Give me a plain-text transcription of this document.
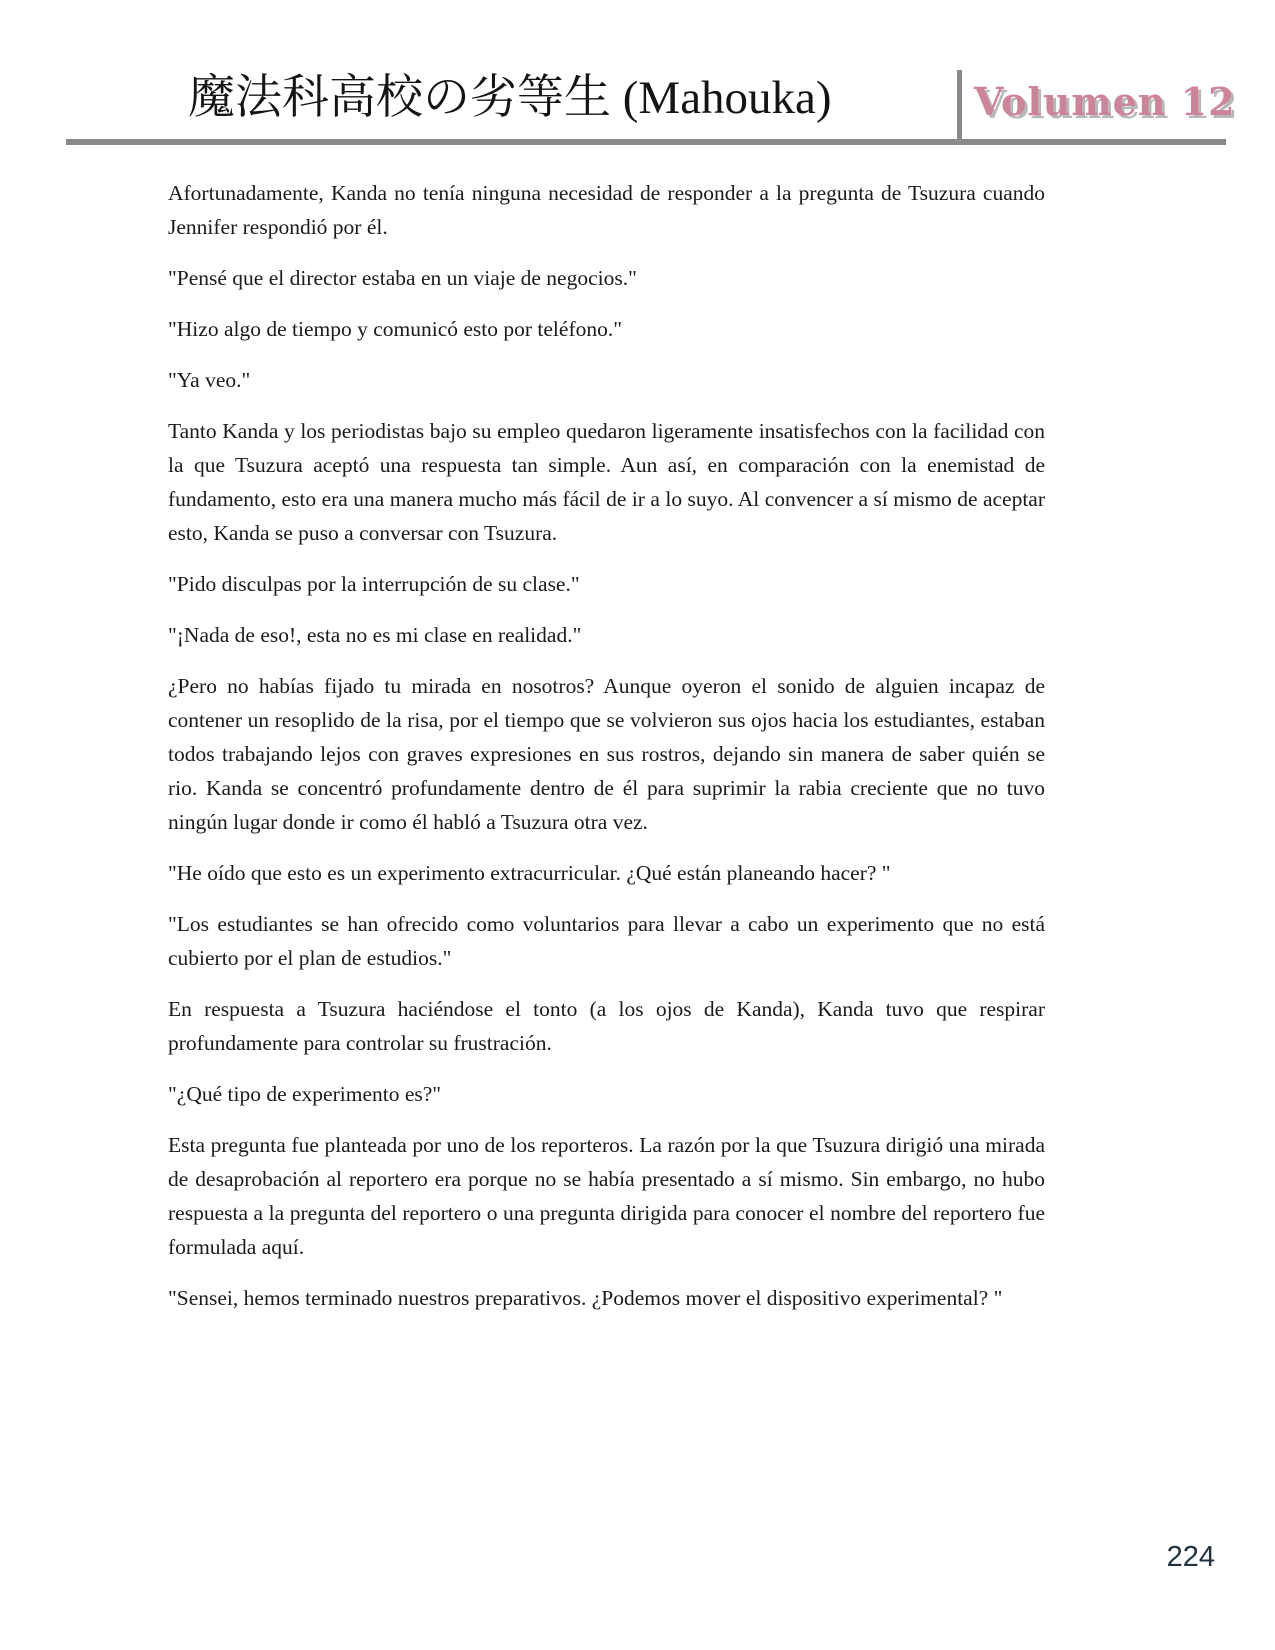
魔法科高校の劣等生 (Mahouka)	Volumen 12

Afortunadamente, Kanda no tenía ninguna necesidad de responder a la pregunta de Tsuzura cuando Jennifer respondió por él.

"Pensé que el director estaba en un viaje de negocios."

"Hizo algo de tiempo y comunicó esto por teléfono."

"Ya veo."

Tanto Kanda y los periodistas bajo su empleo quedaron ligeramente insatisfechos con la facilidad con la que Tsuzura aceptó una respuesta tan simple. Aun así, en comparación con la enemistad de fundamento, esto era una manera mucho más fácil de ir a lo suyo. Al convencer a sí mismo de aceptar esto, Kanda se puso a conversar con Tsuzura.

"Pido disculpas por la interrupción de su clase."

"¡Nada de eso!, esta no es mi clase en realidad."

¿Pero no habías fijado tu mirada en nosotros? Aunque oyeron el sonido de alguien incapaz de contener un resoplido de la risa, por el tiempo que se volvieron sus ojos hacia los estudiantes, estaban todos trabajando lejos con graves expresiones en sus rostros, dejando sin manera de saber quién se rio. Kanda se concentró profundamente dentro de él para suprimir la rabia creciente que no tuvo ningún lugar donde ir como él habló a Tsuzura otra vez.

"He oído que esto es un experimento extracurricular. ¿Qué están planeando hacer? "

"Los estudiantes se han ofrecido como voluntarios para llevar a cabo un experimento que no está cubierto por el plan de estudios."

En respuesta a Tsuzura haciéndose el tonto (a los ojos de Kanda), Kanda tuvo que respirar profundamente para controlar su frustración.

"¿Qué tipo de experimento es?"

Esta pregunta fue planteada por uno de los reporteros. La razón por la que Tsuzura dirigió una mirada de desaprobación al reportero era porque no se había presentado a sí mismo. Sin embargo, no hubo respuesta a la pregunta del reportero o una pregunta dirigida para conocer el nombre del reportero fue formulada aquí.

"Sensei, hemos terminado nuestros preparativos. ¿Podemos mover el dispositivo experimental? "

224
